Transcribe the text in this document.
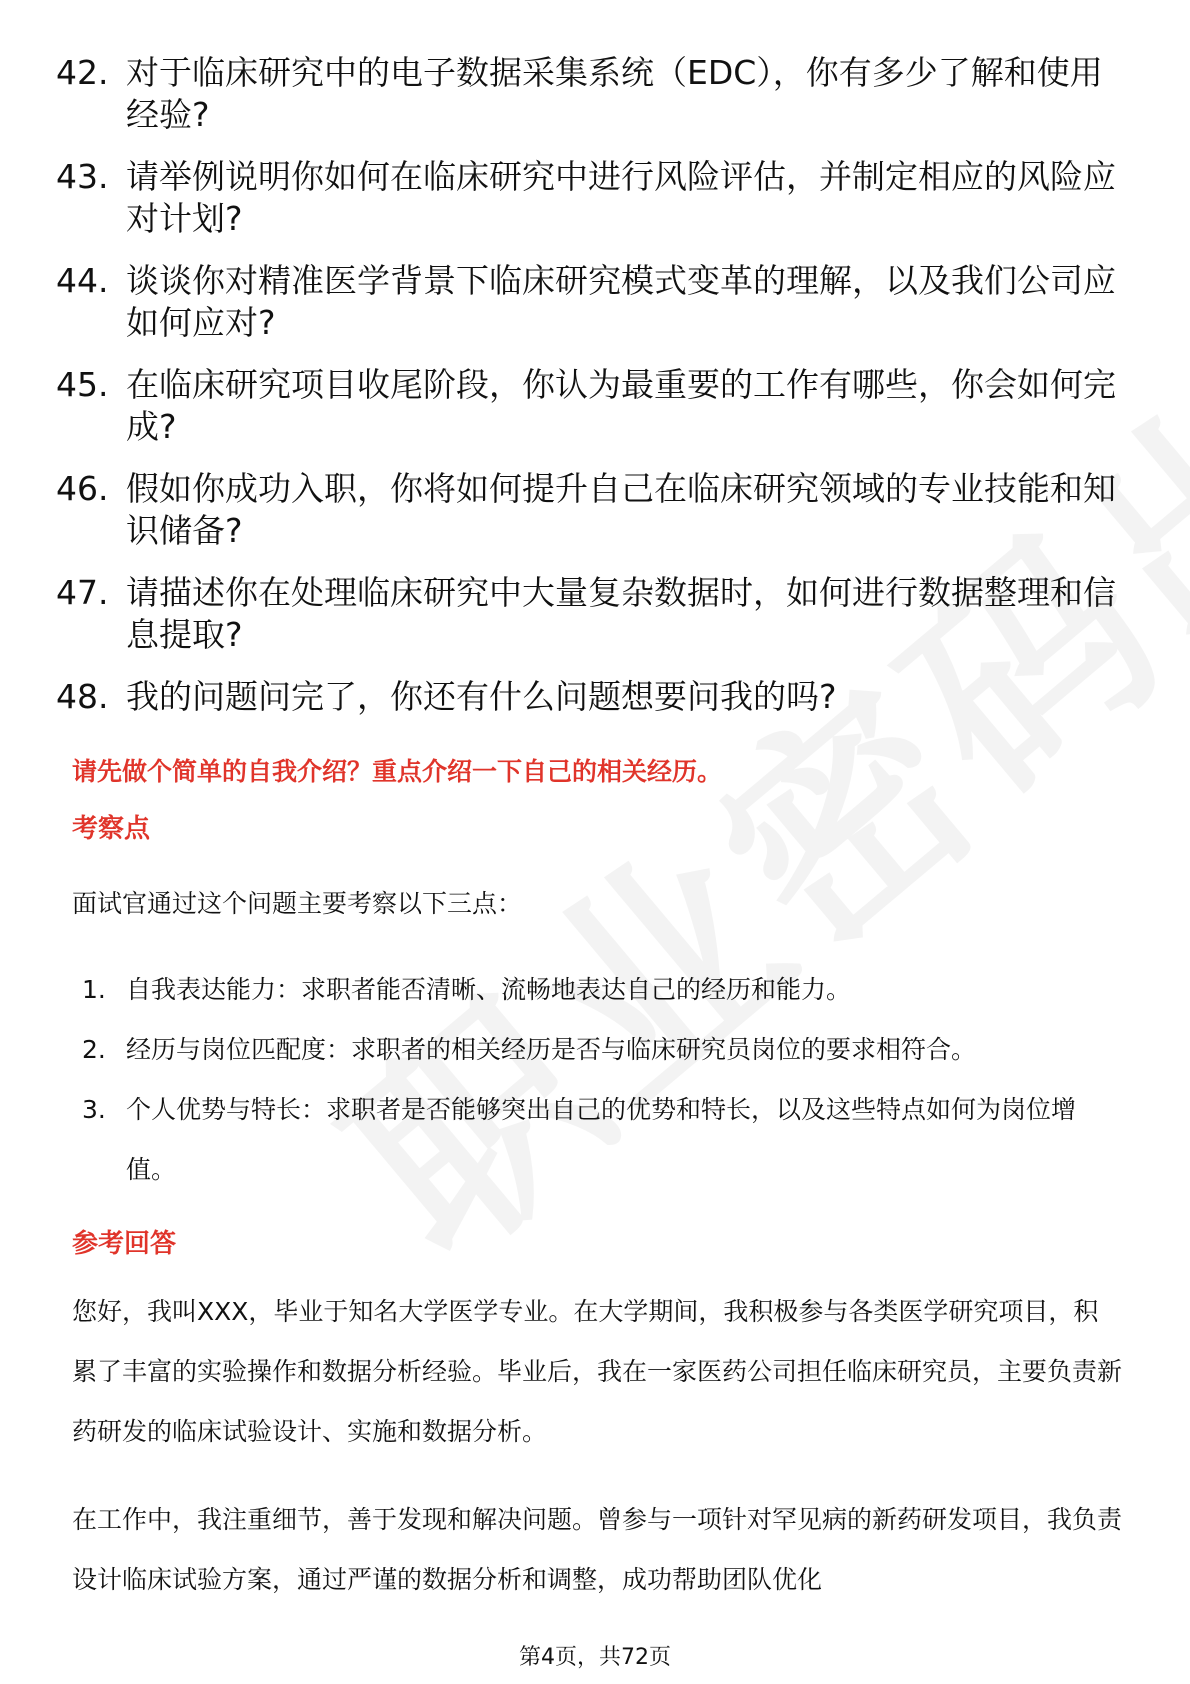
42. 对于临床研究中的电子数据采集系统（EDC），你有多少了解和使用经验?
43. 请举例说明你如何在临床研究中进行风险评估，并制定相应的风险应对计划?
44. 谈谈你对精准医学背景下临床研究模式变革的理解，以及我们公司应如何应对?
45. 在临床研究项目收尾阶段，你认为最重要的工作有哪些，你会如何完成?
46. 假如你成功入职，你将如何提升自己在临床研究领域的专业技能和知识储备?
47. 请描述你在处理临床研究中大量复杂数据时，如何进行数据整理和信息提取?
48. 我的问题问完了，你还有什么问题想要问我的吗?
请先做个简单的自我介绍？重点介绍一下自己的相关经历。
考察点

面试官通过这个问题主要考察以下三点：

1. 自我表达能力：求职者能否清晰、流畅地表达自己的经历和能力。
2. 经历与岗位匹配度：求职者的相关经历是否与临床研究员岗位的要求相符合。
3. 个人优势与特长：求职者是否能够突出自己的优势和特长，以及这些特点如何为岗位增值。
参考回答

您好，我叫XXX，毕业于知名大学医学专业。在大学期间，我积极参与各类医学研究项目，积累了丰富的实验操作和数据分析经验。毕业后，我在一家医药公司担任临床研究员，主要负责新药研发的临床试验设计、实施和数据分析。

在工作中，我注重细节，善于发现和解决问题。曾参与一项针对罕见病的新药研发项目，我负责设计临床试验方案，通过严谨的数据分析和调整，成功帮助团队优化

第4页，共72页
